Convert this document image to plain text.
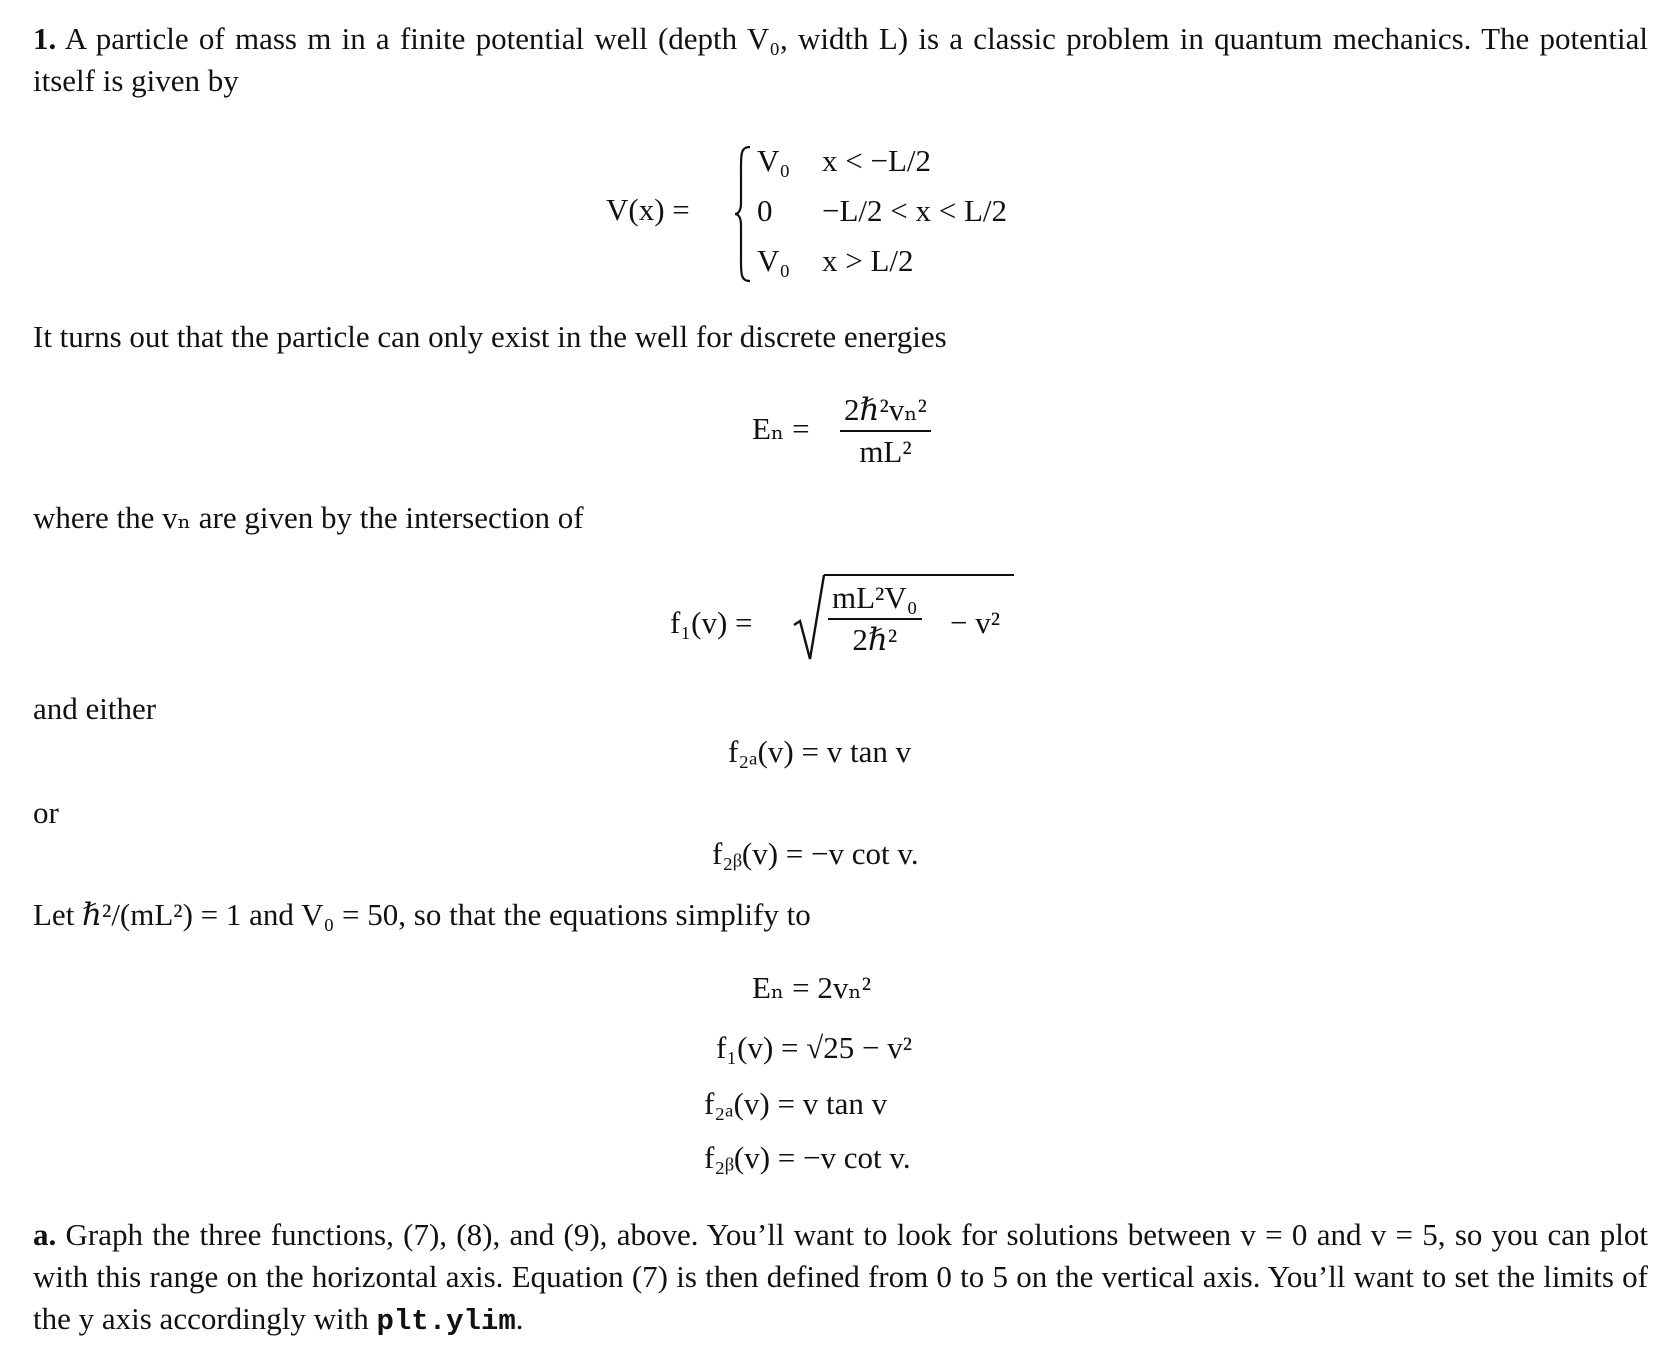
1. A particle of mass m in a finite potential well (depth V₀, width L) is a classic problem in quantum mechanics. The potential itself is given by
V(x) =
V₀ x < −L/2
0 −L/2 < x < L/2
V₀ x > L/2
It turns out that the particle can only exist in the well for discrete energies
$E_n = \frac{\text{2ℏ²vₙ²}}{\text{mL²}}$
where the vₙ are given by the intersection of
$f_1(v) = \frac{\text{mL²V₀}}{\text{2ℏ²}} - v^2$
and either
f₂ₐ(v) = v tan v
or
f₂ᵦ(v) = −v cot v.
Let ℏ²/(mL²) = 1 and V₀ = 50, so that the equations simplify to
Eₙ = 2vₙ²
f₁(v) = √25 − v²
f₂ₐ(v) = v tan v
f₂ᵦ(v) = −v cot v.
a. Graph the three functions, (7), (8), and (9), above. You’ll want to look for solutions between v = 0 and v = 5, so you can plot with this range on the horizontal axis. Equation (7) is then defined from 0 to 5 on the vertical axis. You’ll want to set the limits of the y axis accordingly with plt.ylim.
